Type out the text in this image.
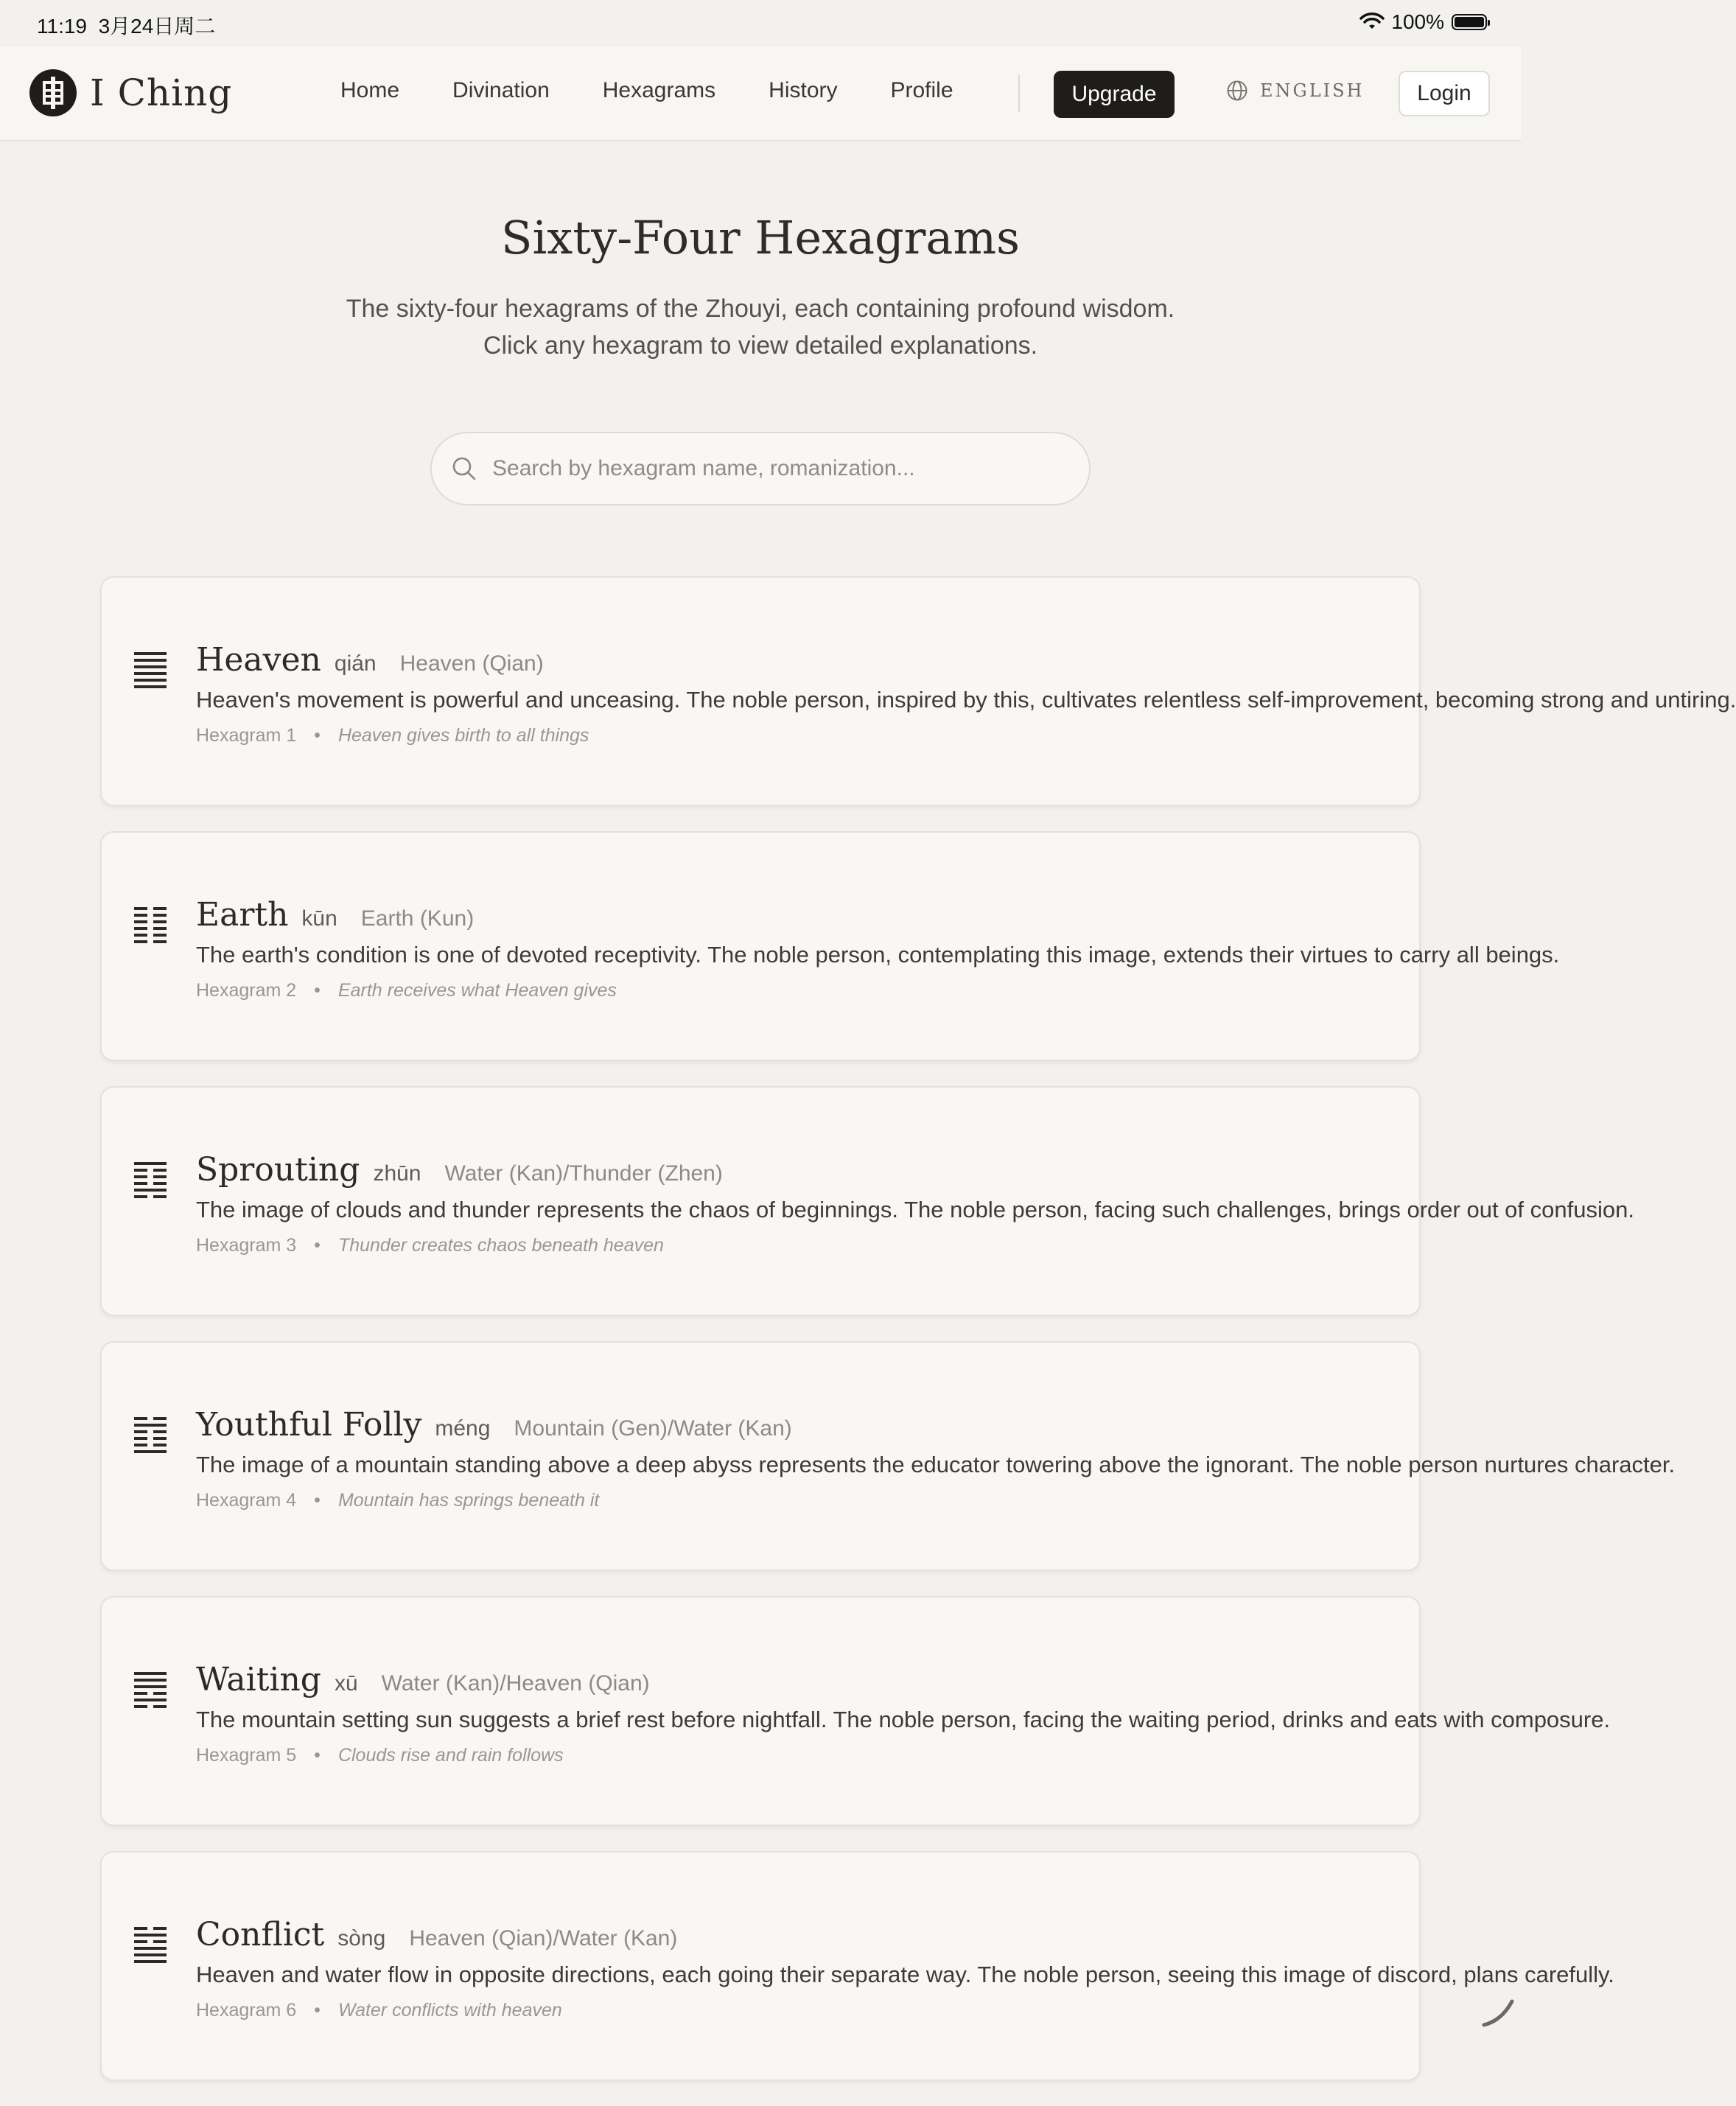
11:19 3月24日周二	100%
I Ching	Home Divination Hexagrams History Profile	Upgrade	ENGLISH	Login
Sixty-Four Hexagrams
The sixty-four hexagrams of the Zhouyi, each containing profound wisdom.
Click any hexagram to view detailed explanations.
Search by hexagram name, romanization...
Heaven qián Heaven (Qian)
Heaven's movement is powerful and unceasing. The noble person, inspired by this, cultivates relentless self-improvement, becoming strong and untiring.
Hexagram 1 • Heaven gives birth to all things
Earth kūn Earth (Kun)
The earth's condition is one of devoted receptivity. The noble person, contemplating this image, extends their virtues to carry all beings.
Hexagram 2 • Earth receives what Heaven gives
Sprouting zhūn Water (Kan)/Thunder (Zhen)
The image of clouds and thunder represents the chaos of beginnings. The noble person, facing such challenges, brings order out of confusion.
Hexagram 3 • Thunder creates chaos beneath heaven
Youthful Folly méng Mountain (Gen)/Water (Kan)
The image of a mountain standing above a deep abyss represents the educator towering above the ignorant. The noble person nurtures character.
Hexagram 4 • Mountain has springs beneath it
Waiting xū Water (Kan)/Heaven (Qian)
The mountain setting sun suggests a brief rest before nightfall. The noble person, facing the waiting period, drinks and eats with composure.
Hexagram 5 • Clouds rise and rain follows
Conflict sòng Heaven (Qian)/Water (Kan)
Heaven and water flow in opposite directions, each going their separate way. The noble person, seeing this image of discord, plans carefully.
Hexagram 6 • Water conflicts with heaven
